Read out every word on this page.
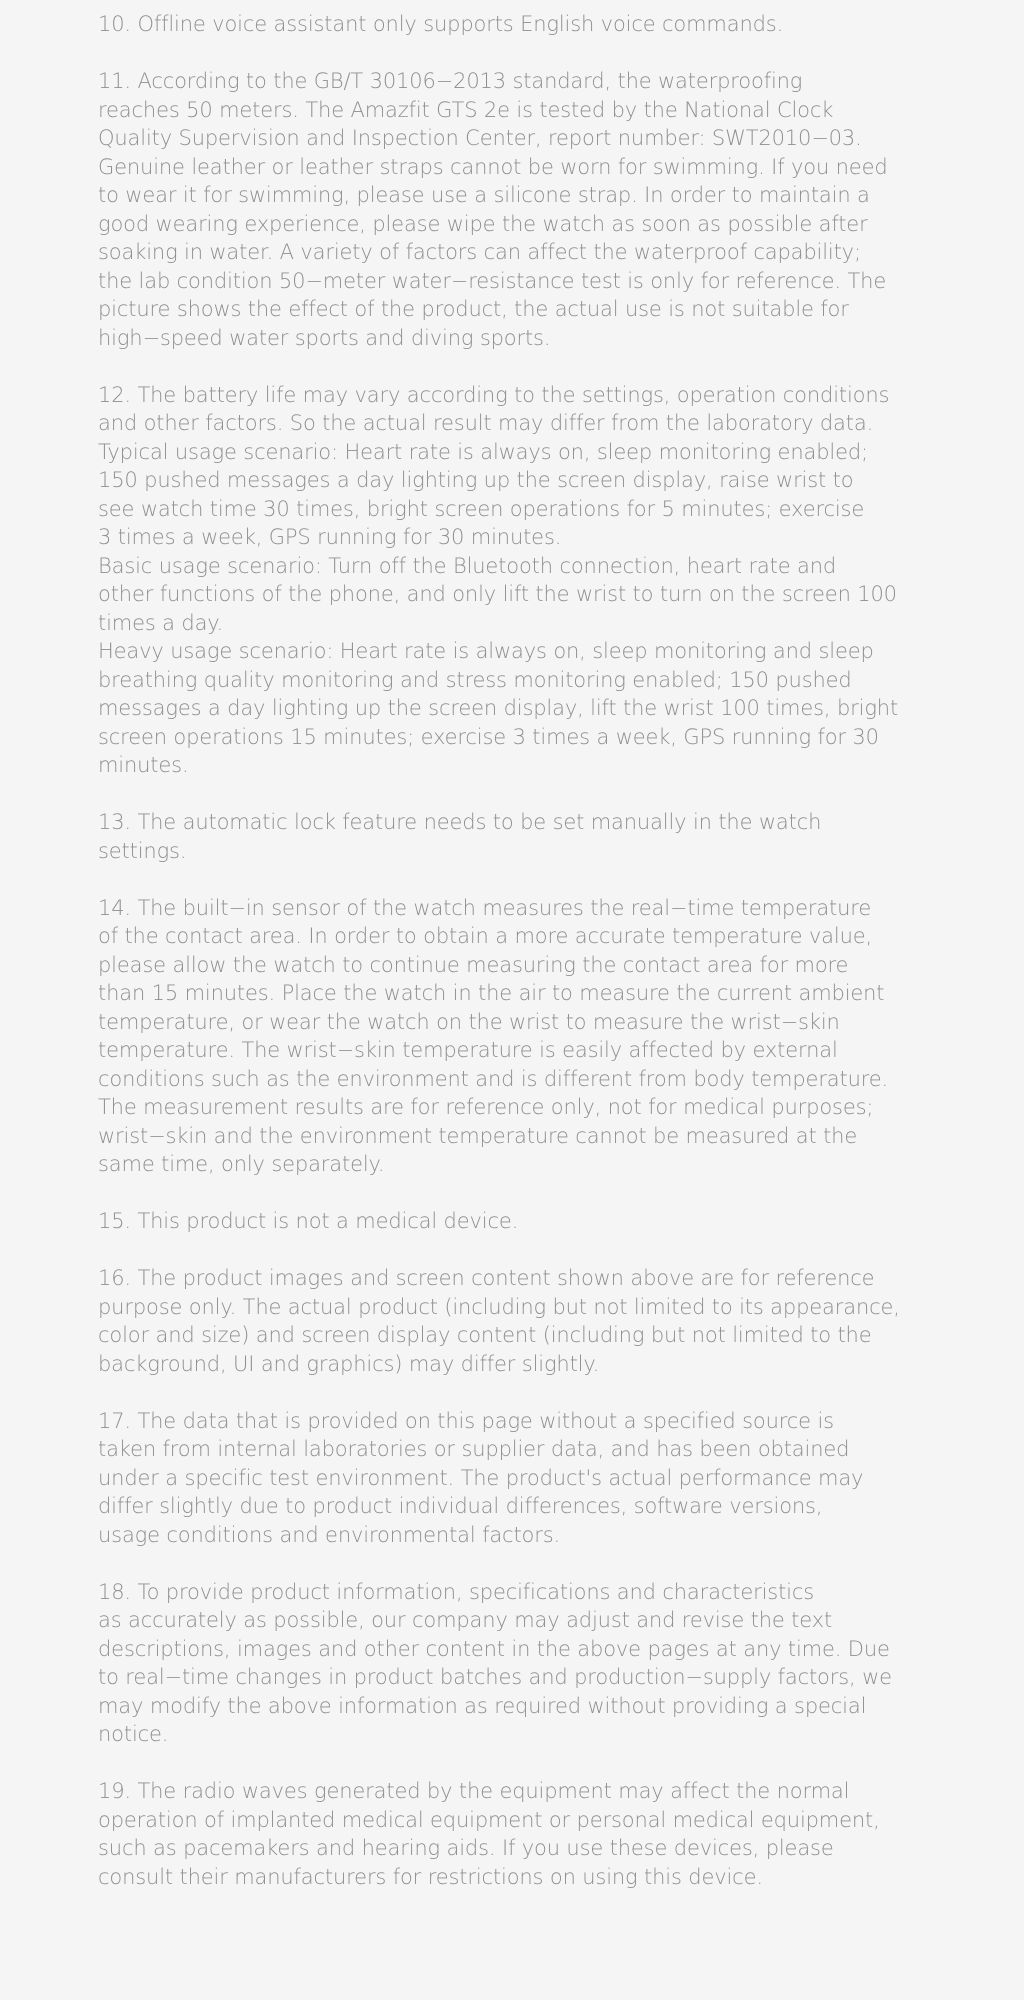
10. Offline voice assistant only supports English voice commands.
11. According to the GB/T 30106−2013 standard, the waterproofing
reaches 50 meters. The Amazfit GTS 2e is tested by the National Clock
Quality Supervision and Inspection Center, report number: SWT2010−03.
Genuine leather or leather straps cannot be worn for swimming. If you need
to wear it for swimming, please use a silicone strap. In order to maintain a
good wearing experience, please wipe the watch as soon as possible after
soaking in water. A variety of factors can affect the waterproof capability;
the lab condition 50−meter water−resistance test is only for reference. The
picture shows the effect of the product, the actual use is not suitable for
high−speed water sports and diving sports.
12. The battery life may vary according to the settings, operation conditions
and other factors. So the actual result may differ from the laboratory data.
Typical usage scenario: Heart rate is always on, sleep monitoring enabled;
150 pushed messages a day lighting up the screen display, raise wrist to
see watch time 30 times, bright screen operations for 5 minutes; exercise
3 times a week, GPS running for 30 minutes.
Basic usage scenario: Turn off the Bluetooth connection, heart rate and
other functions of the phone, and only lift the wrist to turn on the screen 100
times a day.
Heavy usage scenario: Heart rate is always on, sleep monitoring and sleep
breathing quality monitoring and stress monitoring enabled; 150 pushed
messages a day lighting up the screen display, lift the wrist 100 times, bright
screen operations 15 minutes; exercise 3 times a week, GPS running for 30
minutes.
13. The automatic lock feature needs to be set manually in the watch
settings.
14. The built−in sensor of the watch measures the real−time temperature
of the contact area. In order to obtain a more accurate temperature value,
please allow the watch to continue measuring the contact area for more
than 15 minutes. Place the watch in the air to measure the current ambient
temperature, or wear the watch on the wrist to measure the wrist−skin
temperature. The wrist−skin temperature is easily affected by external
conditions such as the environment and is different from body temperature.
The measurement results are for reference only, not for medical purposes;
wrist−skin and the environment temperature cannot be measured at the
same time, only separately.
15. This product is not a medical device.
16. The product images and screen content shown above are for reference
purpose only. The actual product (including but not limited to its appearance,
color and size) and screen display content (including but not limited to the
background, UI and graphics) may differ slightly.
17. The data that is provided on this page without a specified source is
taken from internal laboratories or supplier data, and has been obtained
under a specific test environment. The product's actual performance may
differ slightly due to product individual differences, software versions,
usage conditions and environmental factors.
18. To provide product information, specifications and characteristics
as accurately as possible, our company may adjust and revise the text
descriptions, images and other content in the above pages at any time. Due
to real−time changes in product batches and production−supply factors, we
may modify the above information as required without providing a special
notice.
19. The radio waves generated by the equipment may affect the normal
operation of implanted medical equipment or personal medical equipment,
such as pacemakers and hearing aids. If you use these devices, please
consult their manufacturers for restrictions on using this device.
